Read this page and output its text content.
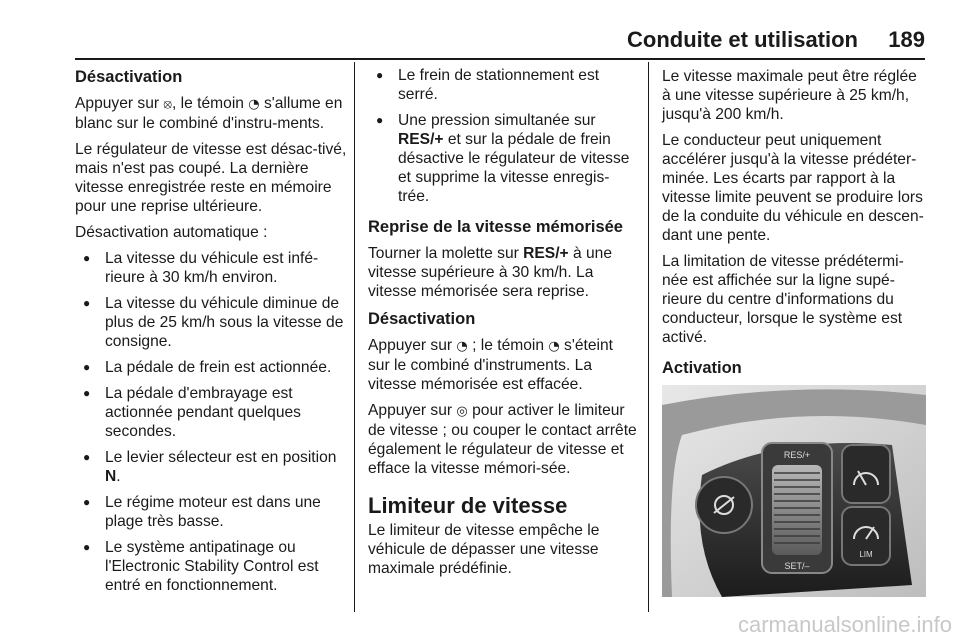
Conduite et utilisation 189
Désactivation

Appuyer sur ⦻, le témoin ◔ s'allume en blanc sur le combiné d'instru-ments.

Le régulateur de vitesse est désac-tivé, mais n'est pas coupé. La dernière vitesse enregistrée reste en mémoire pour une reprise ultérieure.

Désactivation automatique :

● La vitesse du véhicule est infé-rieure à 30 km/h environ.
● La vitesse du véhicule diminue de plus de 25 km/h sous la vitesse de consigne.
● La pédale de frein est actionnée.
● La pédale d'embrayage est actionnée pendant quelques secondes.
● Le levier sélecteur est en position N.
● Le régime moteur est dans une plage très basse.
● Le système antipatinage ou l'Electronic Stability Control est entré en fonctionnement.
● Le frein de stationnement est serré.
● Une pression simultanée sur RES/+ et sur la pédale de frein désactive le régulateur de vitesse et supprime la vitesse enregis-trée.
Reprise de la vitesse mémorisée

Tourner la molette sur RES/+ à une vitesse supérieure à 30 km/h. La vitesse mémorisée sera reprise.

Désactivation

Appuyer sur ◔ ; le témoin ◔ s'éteint sur le combiné d'instruments. La vitesse mémorisée est effacée.

Appuyer sur ◎ pour activer le limiteur de vitesse ; ou couper le contact arrête également le régulateur de vitesse et efface la vitesse mémori-sée.

Limiteur de vitesse

Le limiteur de vitesse empêche le véhicule de dépasser une vitesse maximale prédéfinie.

Le vitesse maximale peut être réglée à une vitesse supérieure à 25 km/h, jusqu'à 200 km/h.

Le conducteur peut uniquement accélérer jusqu'à la vitesse prédéter-minée. Les écarts par rapport à la vitesse limite peuvent se produire lors de la conduite du véhicule en descen-dant une pente.

La limitation de vitesse prédétermi-née est affichée sur la ligne supé-rieure du centre d'informations du conducteur, lorsque le système est activé.

Activation
RES/+
SET/–
LIM
carmanualsonline.info
